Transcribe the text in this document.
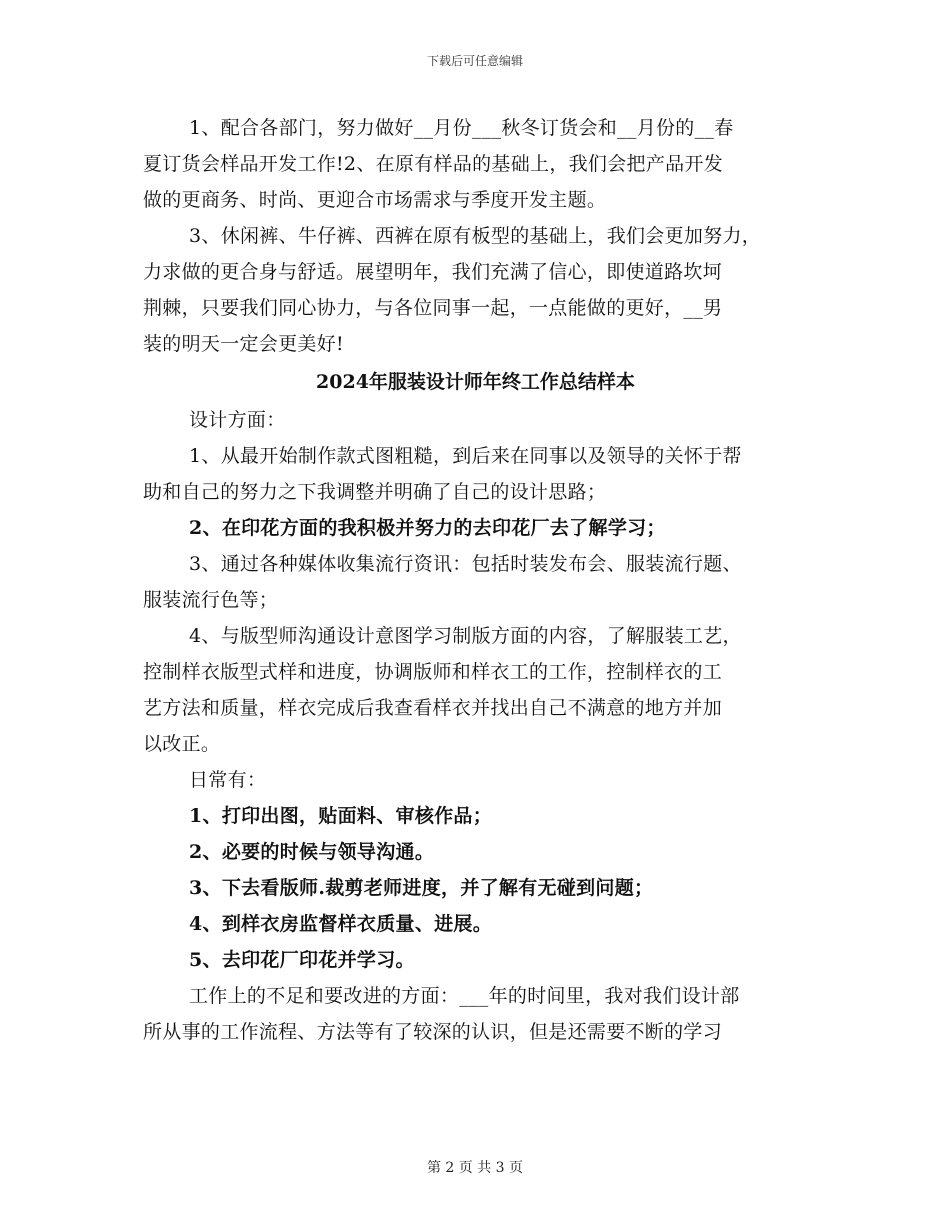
下载后可任意编辑
1、配合各部门，努力做好__月份___秋冬订货会和__月份的__春
夏订货会样品开发工作!2、在原有样品的基础上，我们会把产品开发
做的更商务、时尚、更迎合市场需求与季度开发主题。
3、休闲裤、牛仔裤、西裤在原有板型的基础上，我们会更加努力，
力求做的更合身与舒适。展望明年，我们充满了信心，即使道路坎坷
荆棘，只要我们同心协力，与各位同事一起，一点能做的更好，__男
装的明天一定会更美好!
2024年服装设计师年终工作总结样本
设计方面：
1、从最开始制作款式图粗糙，到后来在同事以及领导的关怀于帮
助和自己的努力之下我调整并明确了自己的设计思路；
2、在印花方面的我积极并努力的去印花厂去了解学习；
3、通过各种媒体收集流行资讯：包括时装发布会、服装流行题、
服装流行色等；
4、与版型师沟通设计意图学习制版方面的内容，了解服装工艺，
控制样衣版型式样和进度，协调版师和样衣工的工作，控制样衣的工
艺方法和质量，样衣完成后我查看样衣并找出自己不满意的地方并加
以改正。
日常有：
1、打印出图，贴面料、审核作品；
2、必要的时候与领导沟通。
3、下去看版师.裁剪老师进度，并了解有无碰到问题；
4、到样衣房监督样衣质量、进展。
5、去印花厂印花并学习。
工作上的不足和要改进的方面：___年的时间里，我对我们设计部
所从事的工作流程、方法等有了较深的认识，但是还需要不断的学习
第 2 页 共 3 页
